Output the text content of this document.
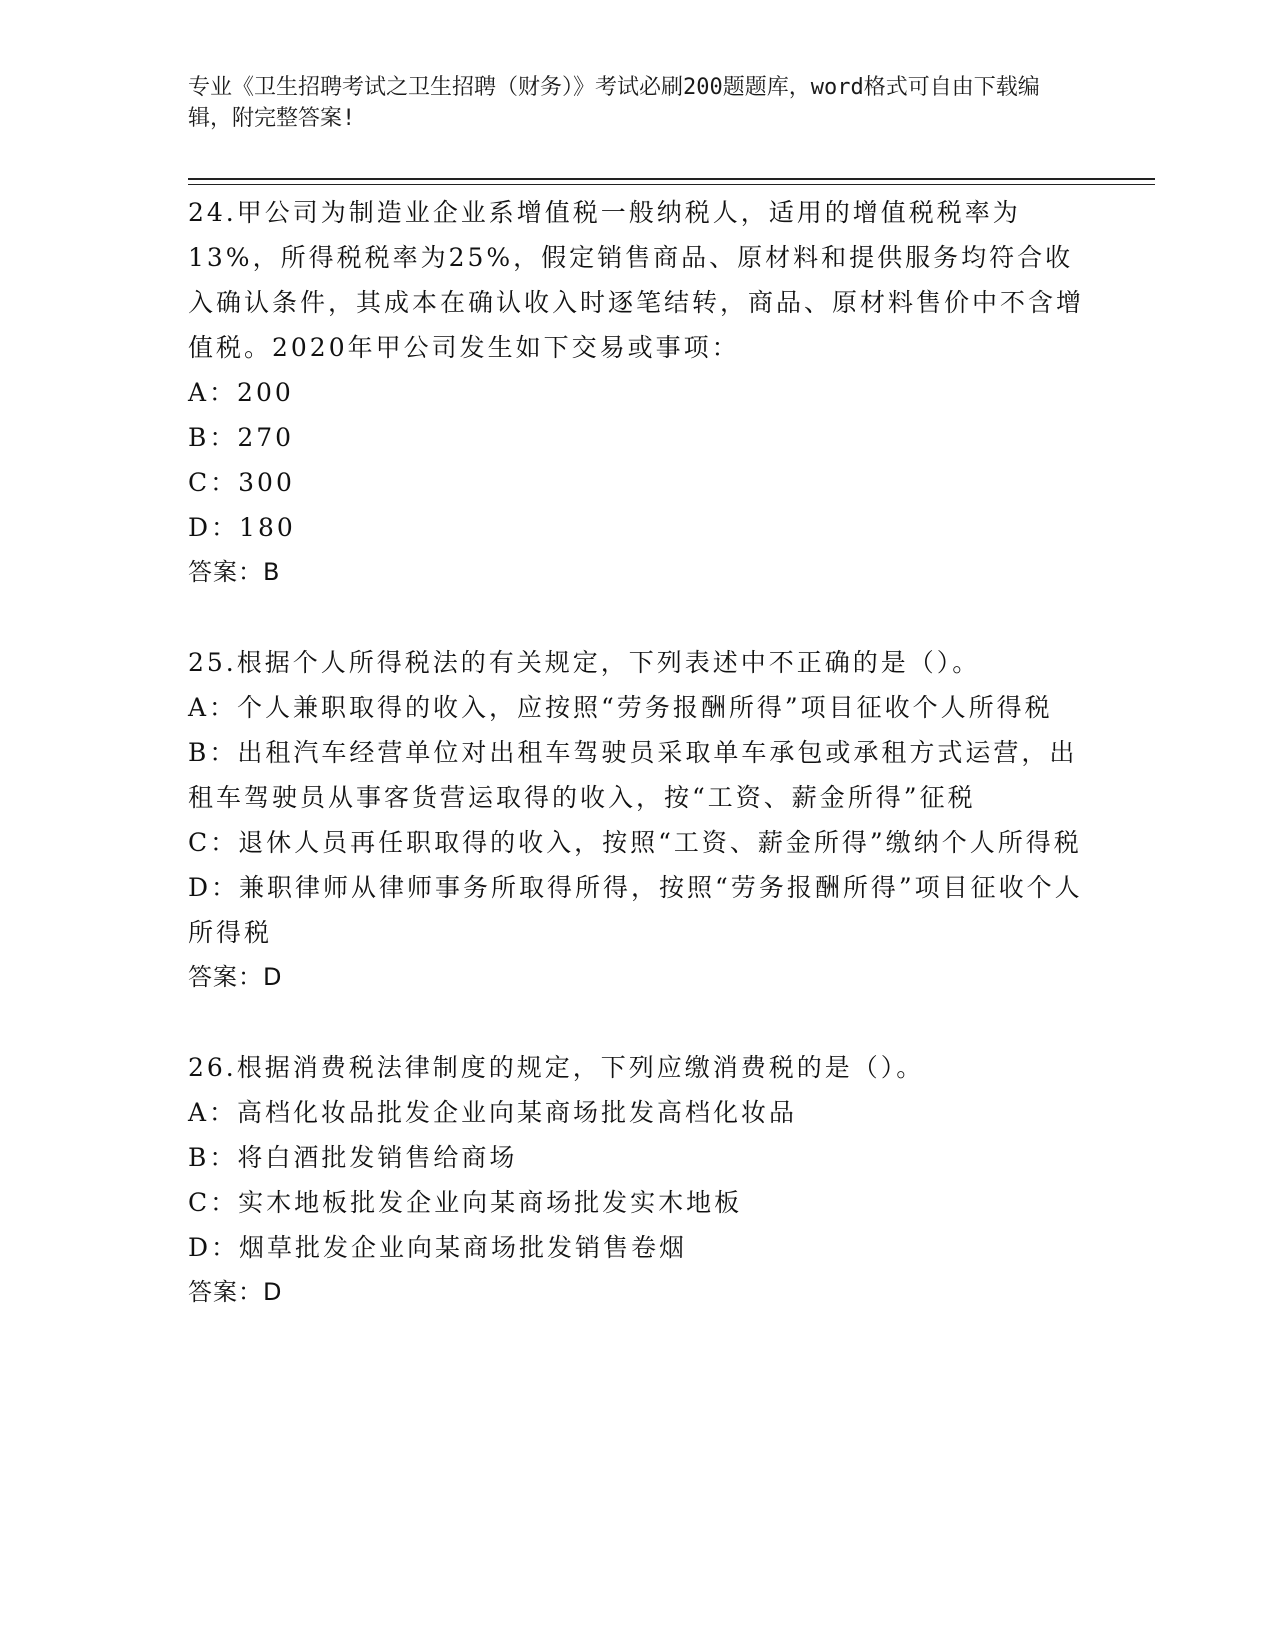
专业《卫生招聘考试之卫生招聘（财务）》考试必刷200题题库，word格式可自由下载编辑，附完整答案!

24.甲公司为制造业企业系增值税一般纳税人，适用的增值税税率为13%，所得税税率为25%，假定销售商品、原材料和提供服务均符合收入确认条件，其成本在确认收入时逐笔结转，商品、原材料售价中不含增值税。2020年甲公司发生如下交易或事项：

A：200

B：270

C：300

D：180

答案：B

25.根据个人所得税法的有关规定，下列表述中不正确的是（）。

A：个人兼职取得的收入，应按照“劳务报酬所得”项目征收个人所得税

B：出租汽车经营单位对出租车驾驶员采取单车承包或承租方式运营，出租车驾驶员从事客货营运取得的收入，按“工资、薪金所得”征税

C：退休人员再任职取得的收入，按照“工资、薪金所得”缴纳个人所得税

D：兼职律师从律师事务所取得所得，按照“劳务报酬所得”项目征收个人所得税

答案：D

26.根据消费税法律制度的规定，下列应缴消费税的是（）。

A：高档化妆品批发企业向某商场批发高档化妆品

B：将白酒批发销售给商场

C：实木地板批发企业向某商场批发实木地板

D：烟草批发企业向某商场批发销售卷烟

答案：D
